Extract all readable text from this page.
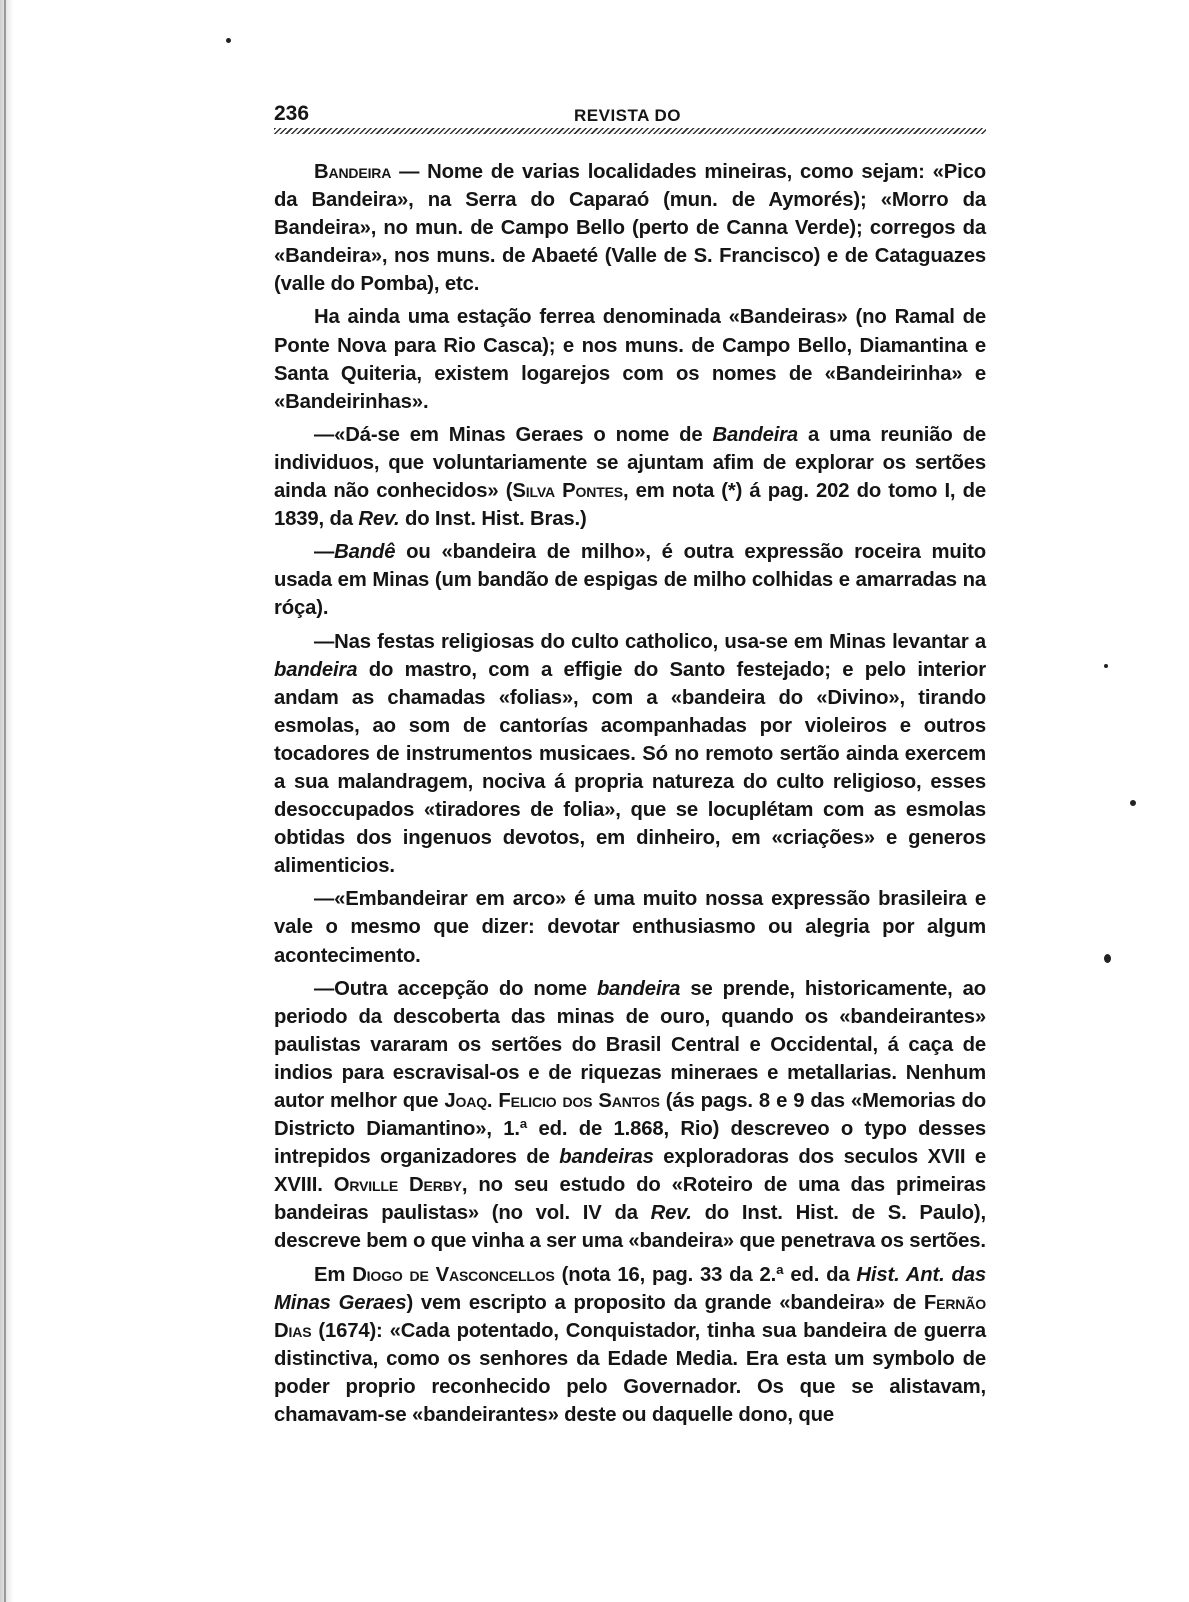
236	REVISTA DO

Bandeira — Nome de varias localidades mineiras, como sejam: «Pico da Bandeira», na Serra do Caparaó (mun. de Aymorés); «Morro da Bandeira», no mun. de Campo Bello (perto de Canna Verde); corregos da «Bandeira», nos muns. de Abaeté (Valle de S. Francisco) e de Cataguazes (valle do Pomba), etc.

Ha ainda uma estação ferrea denominada «Bandeiras» (no Ramal de Ponte Nova para Rio Casca); e nos muns. de Campo Bello, Diamantina e Santa Quiteria, existem logarejos com os nomes de «Bandeirinha» e «Bandeirinhas».

—«Dá-se em Minas Geraes o nome de Bandeira a uma reunião de individuos, que voluntariamente se ajuntam afim de explorar os sertões ainda não conhecidos» (Silva Pontes, em nota (*) á pag. 202 do tomo I, de 1839, da Rev. do Inst. Hist. Bras.)

—Bandê ou «bandeira de milho», é outra expressão roceira muito usada em Minas (um bandão de espigas de milho colhidas e amarradas na róça).

—Nas festas religiosas do culto catholico, usa-se em Minas levantar a bandeira do mastro, com a effigie do Santo festejado; e pelo interior andam as chamadas «folias», com a «bandeira do «Divino», tirando esmolas, ao som de cantorías acompanhadas por violeiros e outros tocadores de instrumentos musicaes. Só no remoto sertão ainda exercem a sua malandragem, nociva á propria natureza do culto religioso, esses desoccupados «tiradores de folia», que se locuplétam com as esmolas obtidas dos ingenuos devotos, em dinheiro, em «criações» e generos alimenticios.

—«Embandeirar em arco» é uma muito nossa expressão brasileira e vale o mesmo que dizer: devotar enthusiasmo ou alegria por algum acontecimento.

—Outra accepção do nome bandeira se prende, historicamente, ao periodo da descoberta das minas de ouro, quando os «bandeirantes» paulistas vararam os sertões do Brasil Central e Occidental, á caça de indios para escravisal-os e de riquezas mineraes e metallarias. Nenhum autor melhor que Joaq. Felicio dos Santos (ás pags. 8 e 9 das «Memorias do Districto Diamantino», 1.ª ed. de 1.868, Rio) descreveo o typo desses intrepidos organizadores de bandeiras exploradoras dos seculos XVII e XVIII. Orville Derby, no seu estudo do «Roteiro de uma das primeiras bandeiras paulistas» (no vol. IV da Rev. do Inst. Hist. de S. Paulo), descreve bem o que vinha a ser uma «bandeira» que penetrava os sertões.

Em Diogo de Vasconcellos (nota 16, pag. 33 da 2.ª ed. da Hist. Ant. das Minas Geraes) vem escripto a proposito da grande «bandeira» de Fernão Dias (1674): «Cada potentado, Conquistador, tinha sua bandeira de guerra distinctiva, como os senhores da Edade Media. Era esta um symbolo de poder proprio reconhecido pelo Governador. Os que se alistavam, chamavam-se «bandeirantes» deste ou daquelle dono, que
